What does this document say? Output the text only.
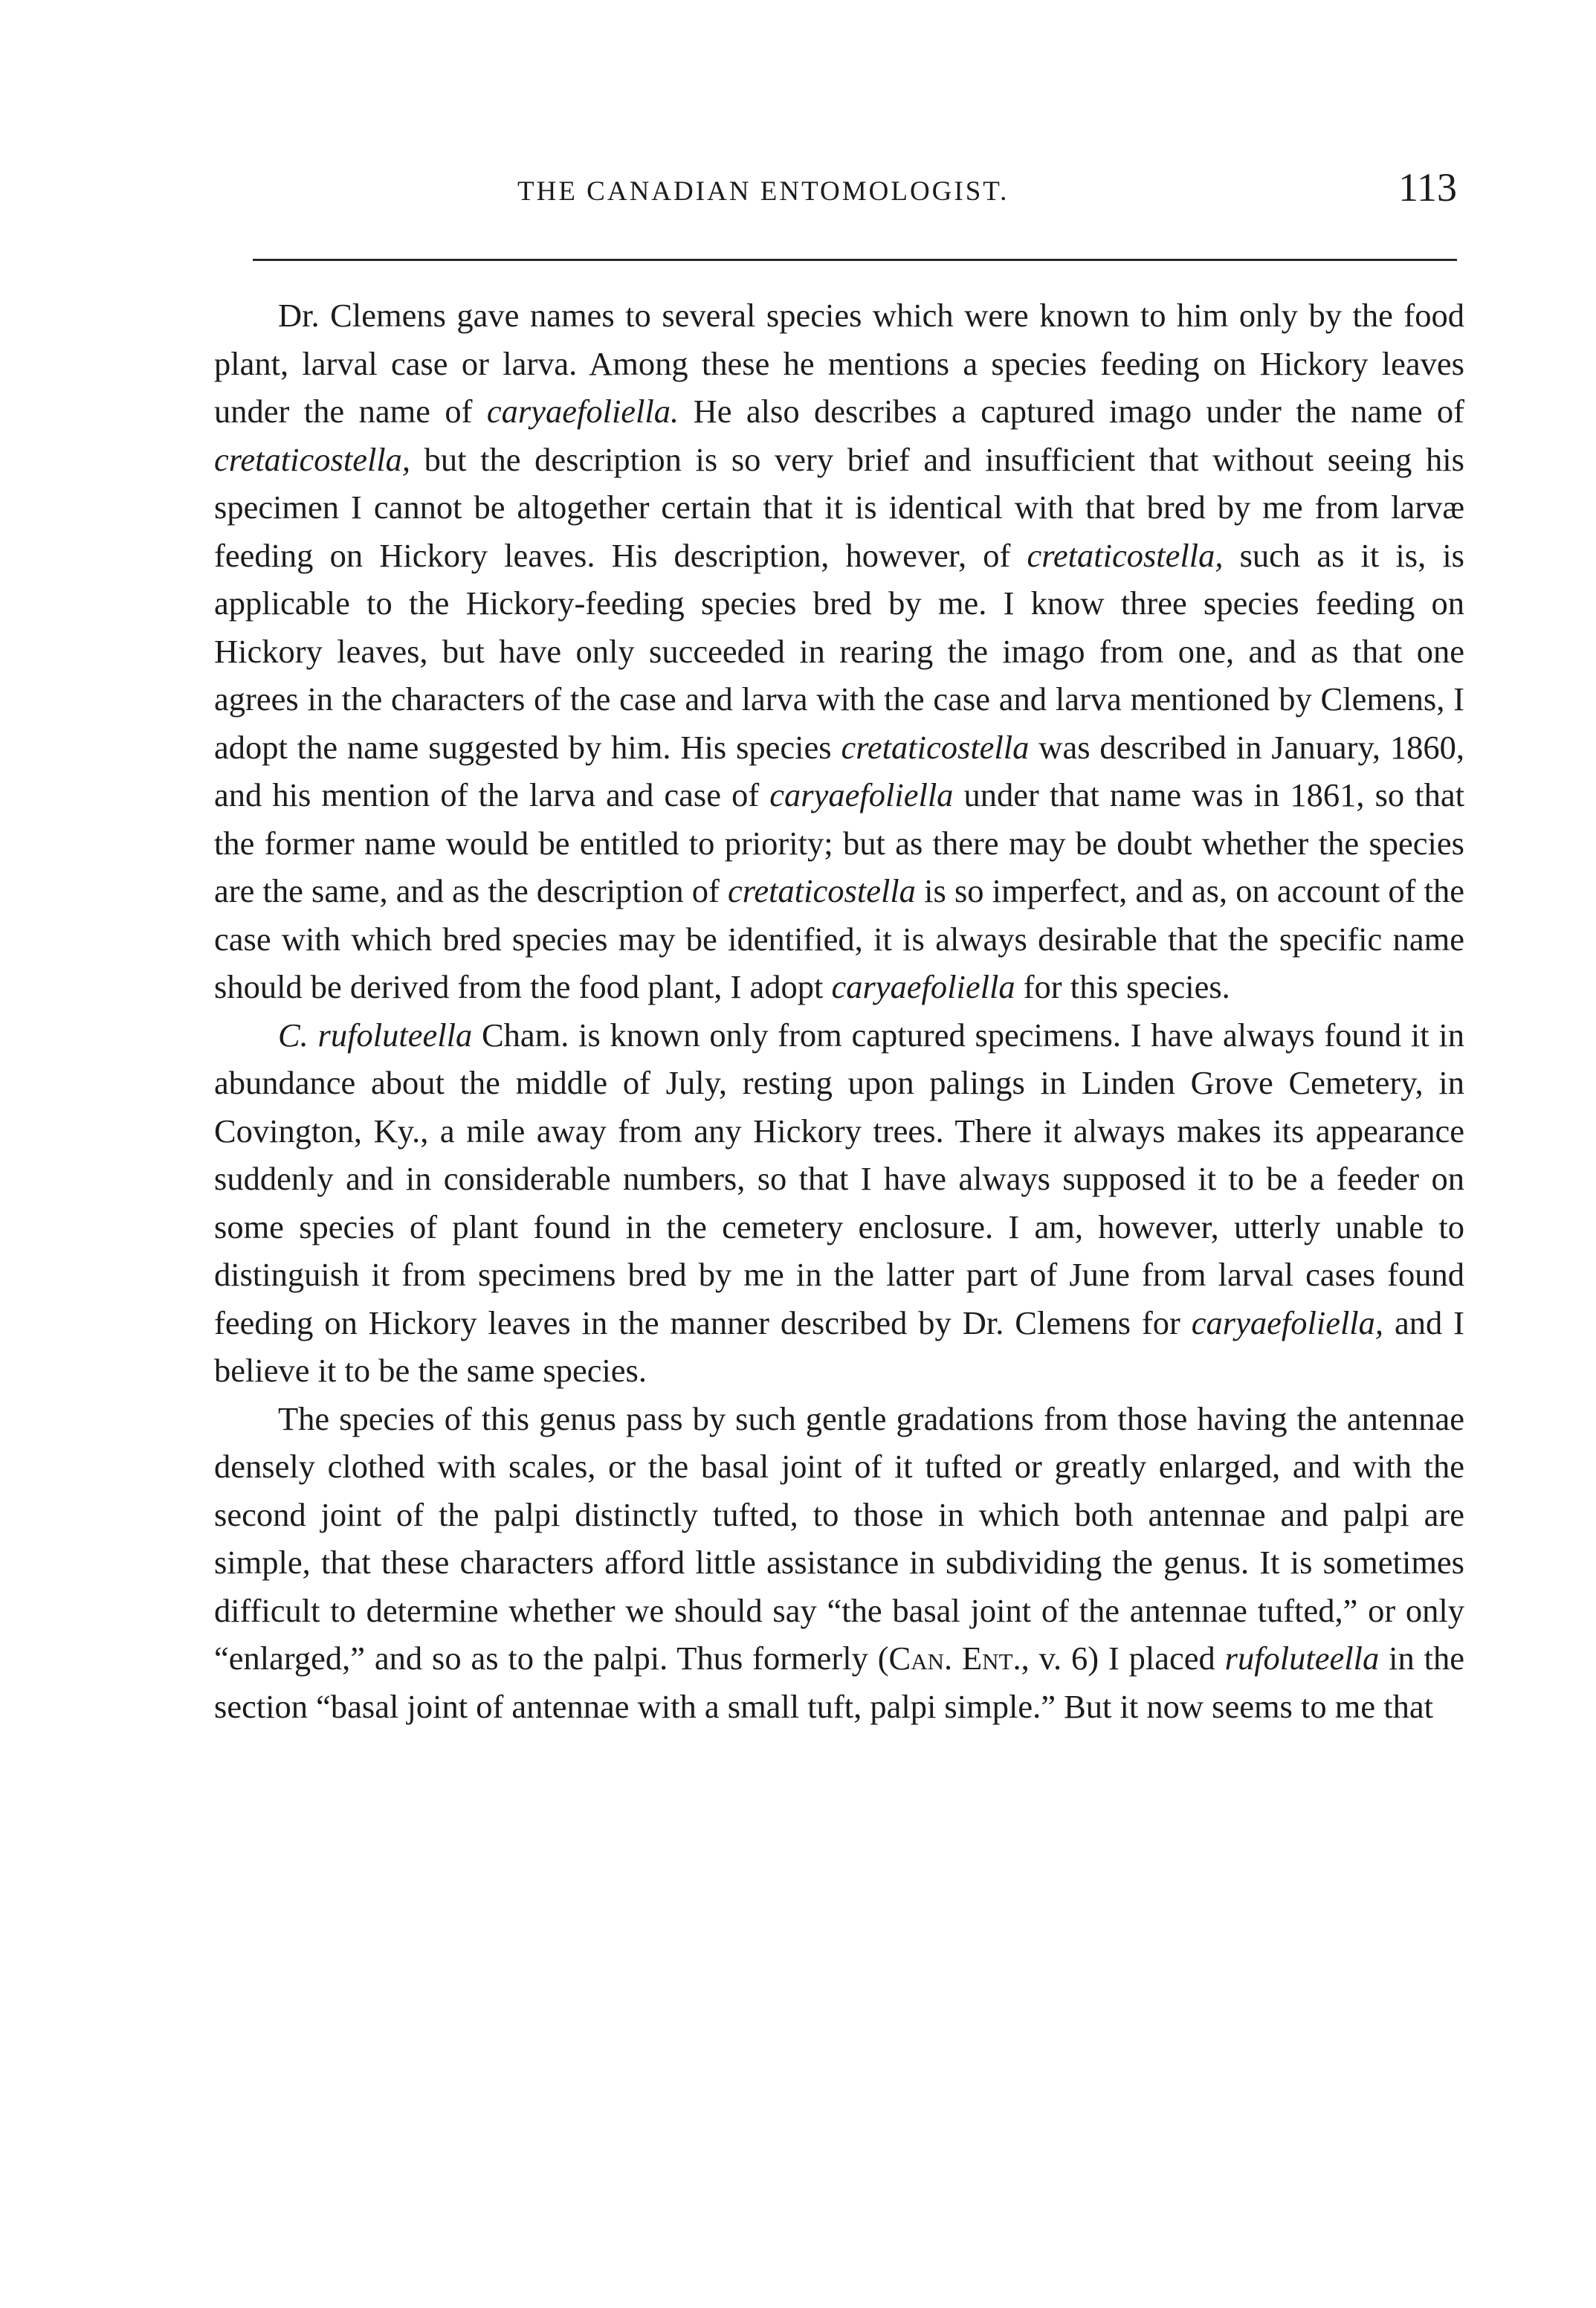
THE CANADIAN ENTOMOLOGIST.	113

Dr. Clemens gave names to several species which were known to him only by the food plant, larval case or larva. Among these he mentions a species feeding on Hickory leaves under the name of caryaefoliella. He also describes a captured imago under the name of cretaticostella, but the description is so very brief and insufficient that without seeing his specimen I cannot be altogether certain that it is identical with that bred by me from larvæ feeding on Hickory leaves. His description, however, of cretaticostella, such as it is, is applicable to the Hickory-feeding species bred by me. I know three species feeding on Hickory leaves, but have only succeeded in rearing the imago from one, and as that one agrees in the characters of the case and larva with the case and larva mentioned by Clemens, I adopt the name suggested by him. His species cretaticostella was described in January, 1860, and his mention of the larva and case of caryaefoliella under that name was in 1861, so that the former name would be entitled to priority; but as there may be doubt whether the species are the same, and as the description of cretaticostella is so imperfect, and as, on account of the case with which bred species may be identified, it is always desirable that the specific name should be derived from the food plant, I adopt caryaefoliella for this species.

C. rufoluteella Cham. is known only from captured specimens. I have always found it in abundance about the middle of July, resting upon palings in Linden Grove Cemetery, in Covington, Ky., a mile away from any Hickory trees. There it always makes its appearance suddenly and in considerable numbers, so that I have always supposed it to be a feeder on some species of plant found in the cemetery enclosure. I am, however, utterly unable to distinguish it from specimens bred by me in the latter part of June from larval cases found feeding on Hickory leaves in the manner described by Dr. Clemens for caryaefoliella, and I believe it to be the same species.

The species of this genus pass by such gentle gradations from those having the antennae densely clothed with scales, or the basal joint of it tufted or greatly enlarged, and with the second joint of the palpi distinctly tufted, to those in which both antennae and palpi are simple, that these characters afford little assistance in subdividing the genus. It is sometimes difficult to determine whether we should say “the basal joint of the antennae tufted,” or only “enlarged,” and so as to the palpi. Thus formerly (Can. Ent., v. 6) I placed rufoluteella in the section “basal joint of antennae with a small tuft, palpi simple.” But it now seems to me that
